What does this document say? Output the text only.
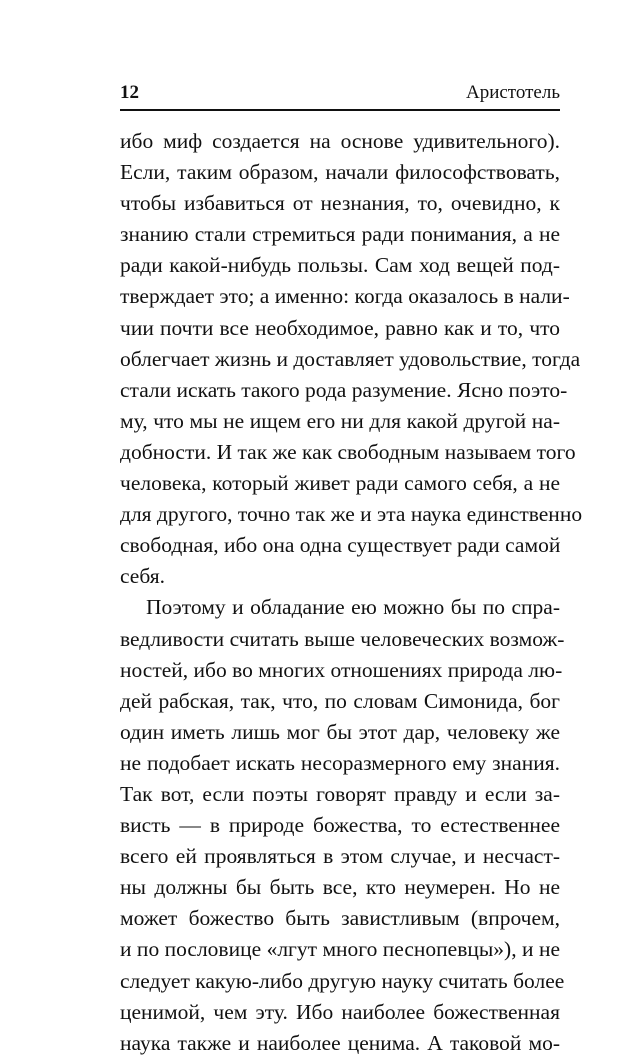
12	Аристотель
ибо миф создается на основе удивительного).
Если, таким образом, начали философствовать,
чтобы избавиться от незнания, то, очевидно, к
знанию стали стремиться ради понимания, а не
ради какой-нибудь пользы. Сам ход вещей под-
тверждает это; а именно: когда оказалось в нали-
чии почти все необходимое, равно как и то, что
облегчает жизнь и доставляет удовольствие, тогда
стали искать такого рода разумение. Ясно поэто-
му, что мы не ищем его ни для какой другой на-
добности. И так же как свободным называем того
человека, который живет ради самого себя, а не
для другого, точно так же и эта наука единственно
свободная, ибо она одна существует ради самой
себя.
Поэтому и обладание ею можно бы по спра-
ведливости считать выше человеческих возмож-
ностей, ибо во многих отношениях природа лю-
дей рабская, так, что, по словам Симонида, бог
один иметь лишь мог бы этот дар, человеку же
не подобает искать несоразмерного ему знания.
Так вот, если поэты говорят правду и если за-
висть — в природе божества, то естественнее
всего ей проявляться в этом случае, и несчаст-
ны должны бы быть все, кто неумерен. Но не
может божество быть завистливым (впрочем,
и по пословице «лгут много песнопевцы»), и не
следует какую-либо другую науку считать более
ценимой, чем эту. Ибо наиболее божественная
наука также и наиболее ценима. А таковой мо-
